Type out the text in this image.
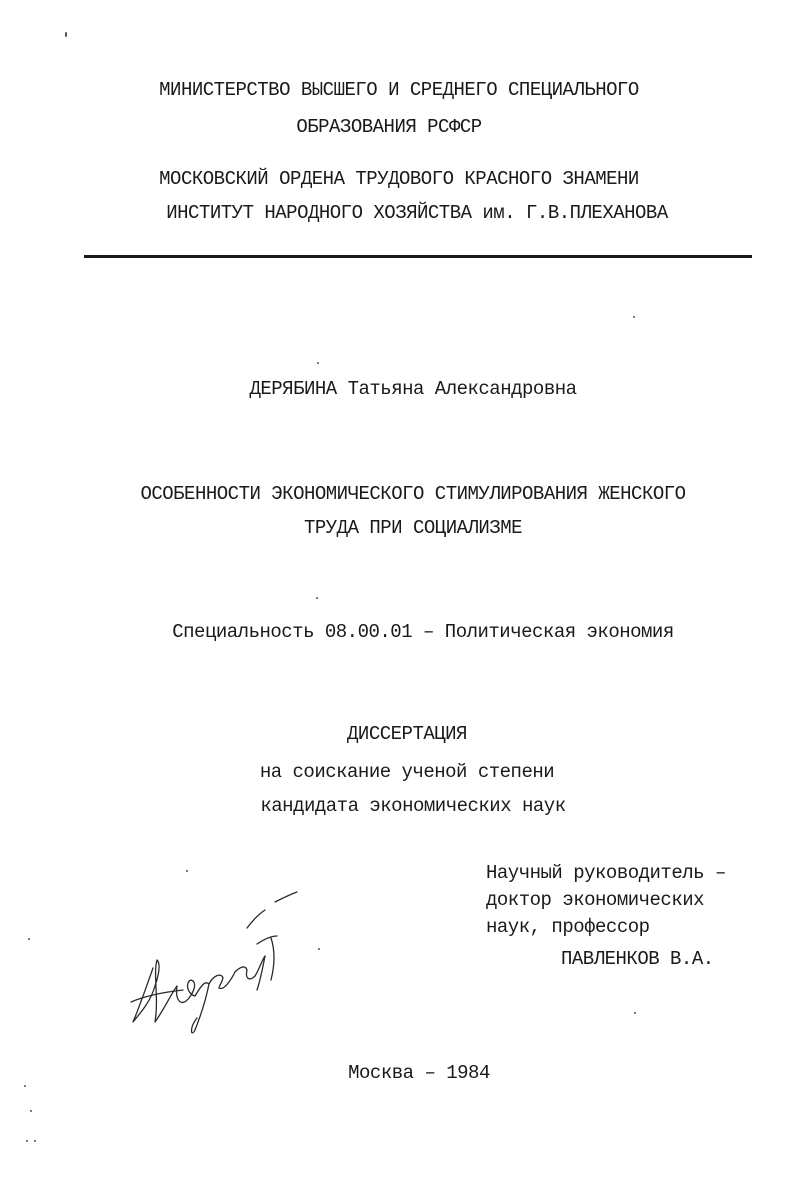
МИНИСТЕРСТВО ВЫСШЕГО И СРЕДНЕГО СПЕЦИАЛЬНОГО
ОБРАЗОВАНИЯ РСФСР
МОСКОВСКИЙ ОРДЕНА ТРУДОВОГО КРАСНОГО ЗНАМЕНИ
ИНСТИТУТ НАРОДНОГО ХОЗЯЙСТВА им. Г.В.ПЛЕХАНОВА
ДЕРЯБИНА Татьяна Александровна
ОСОБЕННОСТИ ЭКОНОМИЧЕСКОГО СТИМУЛИРОВАНИЯ ЖЕНСКОГО
ТРУДА ПРИ СОЦИАЛИЗМЕ
Специальность 08.00.01 – Политическая экономия
ДИССЕРТАЦИЯ
на соискание ученой степени
кандидата экономических наук
Научный руководитель –
доктор экономических
наук, профессор
ПАВЛЕНКОВ В.А.
Москва – 1984
